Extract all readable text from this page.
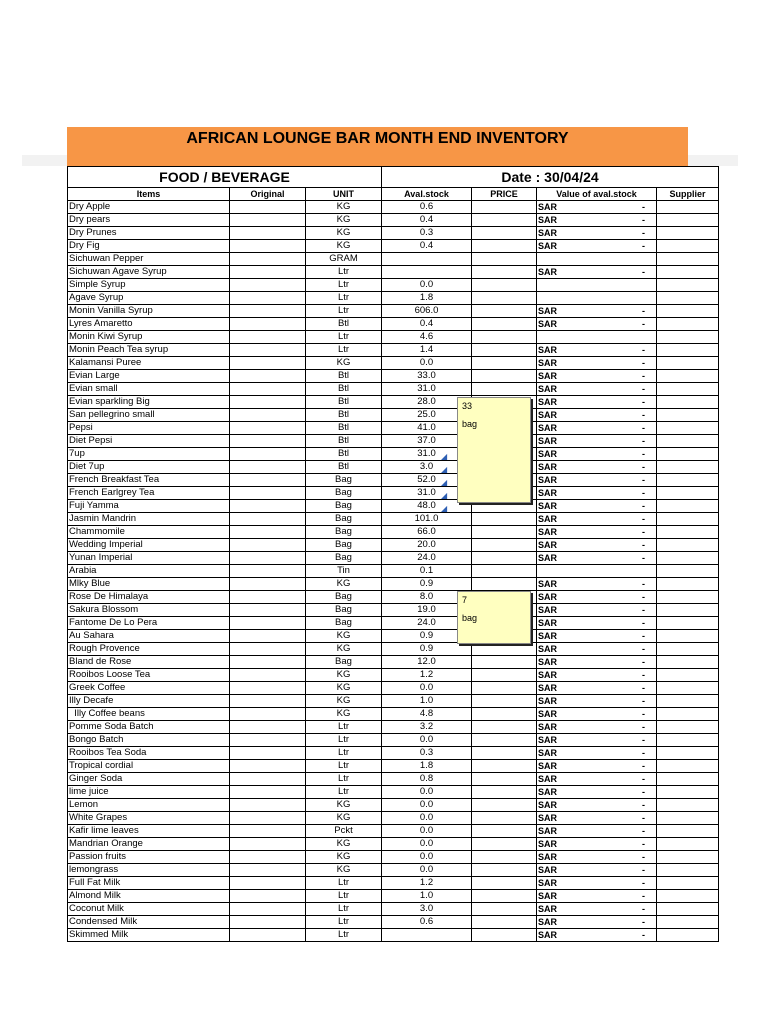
AFRICAN LOUNGE BAR MONTH END INVENTORY
FOOD / BEVERAGE			Date : 30/04/24			
Items	Original	UNIT	Aval.stock	PRICE	Value of aval.stock	Supplier
Dry Apple		KG	0.6		SAR -	

Dry pears		KG	0.4		SAR -	

Dry Prunes		KG	0.3		SAR -	

Dry Fig		KG	0.4		SAR -	

Sichuwan Pepper		GRAM				
Sichuwan Agave Syrup		Ltr			SAR -	

Simple Syrup		Ltr	0.0			
Agave Syrup		Ltr	1.8			
Monin Vanilla Syrup		Ltr	606.0		SAR -	

Lyres Amaretto		Btl	0.4		SAR -	

Monin Kiwi Syrup		Ltr	4.6			
Monin Peach Tea syrup		Ltr	1.4		SAR -	

Kalamansi Puree		KG	0.0		SAR -	

Evian Large		Btl	33.0		SAR -	

Evian small		Btl	31.0		SAR -	

Evian sparkling Big		Btl	28.0		SAR -	

San pellegrino small		Btl	25.0		SAR -	

Pepsi		Btl	41.0		SAR -	

Diet Pepsi		Btl	37.0		SAR -	

7up		Btl	31.0		SAR -	

Diet 7up		Btl	3.0		SAR -	

French Breakfast Tea		Bag	52.0		SAR -	

French Earlgrey Tea		Bag	31.0		SAR -	

Fuji Yamma		Bag	48.0		SAR -	

Jasmin Mandrin		Bag	101.0		SAR -	

Chammomile		Bag	66.0		SAR -	

Wedding Imperial		Bag	20.0		SAR -	

Yunan Imperial		Bag	24.0		SAR -	

Arabia		Tin	0.1			
Mlky Blue		KG	0.9		SAR -	

Rose De Himalaya		Bag	8.0		SAR -	

Sakura Blossom		Bag	19.0		SAR -	

Fantome De Lo Pera		Bag	24.0		SAR -	

Au Sahara		KG	0.9		SAR -	

Rough Provence		KG	0.9		SAR -	

Bland de Rose		Bag	12.0		SAR -	

Rooibos Loose Tea		KG	1.2		SAR -	

Greek Coffee		KG	0.0		SAR -	

Illy Decafe		KG	1.0		SAR -	

Illy Coffee beans		KG	4.8		SAR -	

Pomme Soda Batch		Ltr	3.2		SAR -	

Bongo Batch		Ltr	0.0		SAR -	

Rooibos Tea Soda		Ltr	0.3		SAR -	

Tropical cordial		Ltr	1.8		SAR -	

Ginger Soda		Ltr	0.8		SAR -	

lime juice		Ltr	0.0		SAR -	

Lemon		KG	0.0		SAR -	

White Grapes		KG	0.0		SAR -	

Kafir lime leaves		Pckt	0.0		SAR -	

Mandrian Orange		KG	0.0		SAR -	

Passion fruits		KG	0.0		SAR -	

lemongrass		KG	0.0		SAR -	

Full Fat Milk		Ltr	1.2		SAR -	

Almond Milk		Ltr	1.0		SAR -	

Coconut Milk		Ltr	3.0		SAR -	

Condensed Milk		Ltr	0.6		SAR -	

Skimmed Milk		Ltr			SAR -	

33
bag
7
bag
◢
◢
◢
◢
◢
